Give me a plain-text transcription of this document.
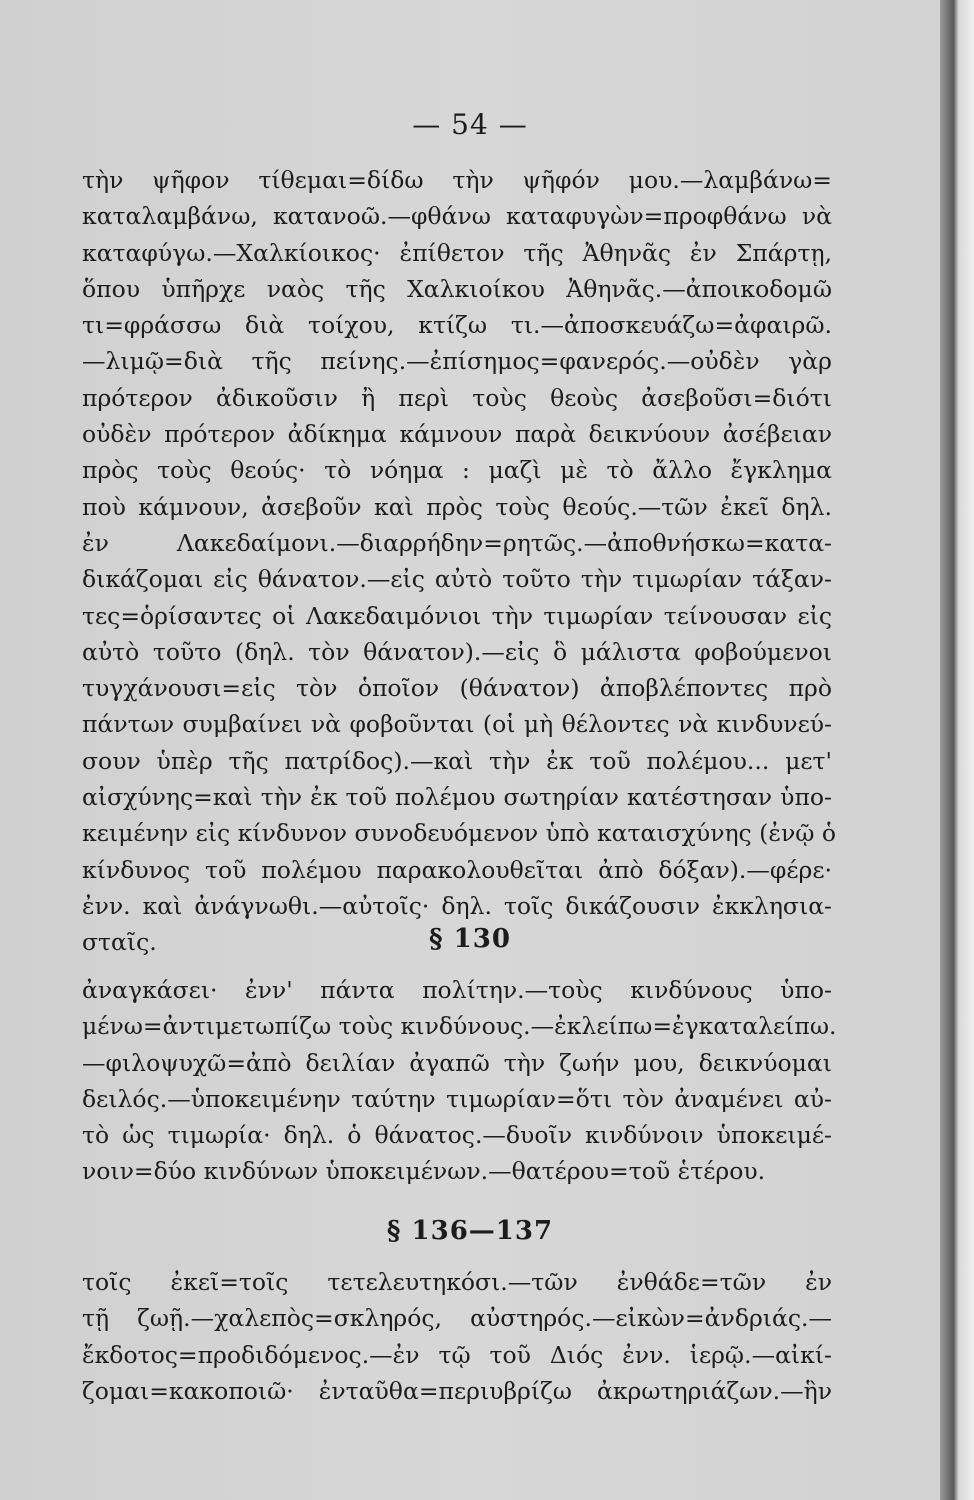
— 54 —
τὴν ψῆφον τίθεμαι=δίδω τὴν ψῆφόν μου.—λαμβάνω=
καταλαμβάνω, κατανοῶ.—φθάνω καταφυγὼν=προφθάνω νὰ
καταφύγω.—Χαλκίοικος· ἐπίθετον τῆς Ἀθηνᾶς ἐν Σπάρτῃ,
ὅπου ὑπῆρχε ναὸς τῆς Χαλκιοίκου Ἀθηνᾶς.—ἀποικοδομῶ
τι=φράσσω διὰ τοίχου, κτίζω τι.—ἀποσκευάζω=ἀφαιρῶ.
—λιμῷ=διὰ τῆς πείνης.—ἐπίσημος=φανερός.—οὐδὲν γὰρ
πρότερον ἀδικοῦσιν ἢ περὶ τοὺς θεοὺς ἀσεβοῦσι=διότι
οὐδὲν πρότερον ἀδίκημα κάμνουν παρὰ δεικνύουν ἀσέβειαν
πρὸς τοὺς θεούς· τὸ νόημα : μαζὶ μὲ τὸ ἄλλο ἔγκλημα
ποὺ κάμνουν, ἀσεβοῦν καὶ πρὸς τοὺς θεούς.—τῶν ἐκεῖ δηλ.
ἐν Λακεδαίμονι.—διαρρήδην=ρητῶς.—ἀποθνήσκω=κατα-
δικάζομαι εἰς θάνατον.—εἰς αὐτὸ τοῦτο τὴν τιμωρίαν τάξαν-
τες=ὁρίσαντες οἱ Λακεδαιμόνιοι τὴν τιμωρίαν τείνουσαν εἰς
αὐτὸ τοῦτο (δηλ. τὸν θάνατον).—εἰς ὃ μάλιστα φοβούμενοι
τυγχάνουσι=εἰς τὸν ὁποῖον (θάνατον) ἀποβλέποντες πρὸ
πάντων συμβαίνει νὰ φοβοῦνται (οἱ μὴ θέλοντες νὰ κινδυνεύ-
σουν ὑπὲρ τῆς πατρίδος).—καὶ τὴν ἐκ τοῦ πολέμου... μετ'
αἰσχύνης=καὶ τὴν ἐκ τοῦ πολέμου σωτηρίαν κατέστησαν ὑπο-
κειμένην εἰς κίνδυνον συνοδευόμενον ὑπὸ καταισχύνης (ἐνῷ ὁ
κίνδυνος τοῦ πολέμου παρακολουθεῖται ἀπὸ δόξαν).—φέρε·
ἐνν. καὶ ἀνάγνωθι.—αὐτοῖς· δηλ. τοῖς δικάζουσιν ἐκκλησια-
σταῖς.	§ 130
ἀναγκάσει· ἐνν' πάντα πολίτην.—τοὺς κινδύνους ὑπο-
μένω=ἀντιμετωπίζω τοὺς κινδύνους.—ἐκλείπω=ἐγκαταλείπω.
—φιλοψυχῶ=ἀπὸ δειλίαν ἀγαπῶ τὴν ζωήν μου, δεικνύομαι
δειλός.—ὑποκειμένην ταύτην τιμωρίαν=ὅτι τὸν ἀναμένει αὐ-
τὸ ὡς τιμωρία· δηλ. ὁ θάνατος.—δυοῖν κινδύνοιν ὑποκειμέ-
νοιν=δύο κινδύνων ὑποκειμένων.—θατέρου=τοῦ ἑτέρου.
§ 136—137
τοῖς ἐκεῖ=τοῖς τετελευτηκόσι.—τῶν ἐνθάδε=τῶν ἐν
τῇ ζωῇ.—χαλεπὸς=σκληρός, αὐστηρός.—εἰκὼν=ἀνδριάς.—
ἔκδοτος=προδιδόμενος.—ἐν τῷ τοῦ Διός ἐνν. ἱερῷ.—αἰκί-
ζομαι=κακοποιῶ· ἐνταῦθα=περιυβρίζω ἀκρωτηριάζων.—ἣν
